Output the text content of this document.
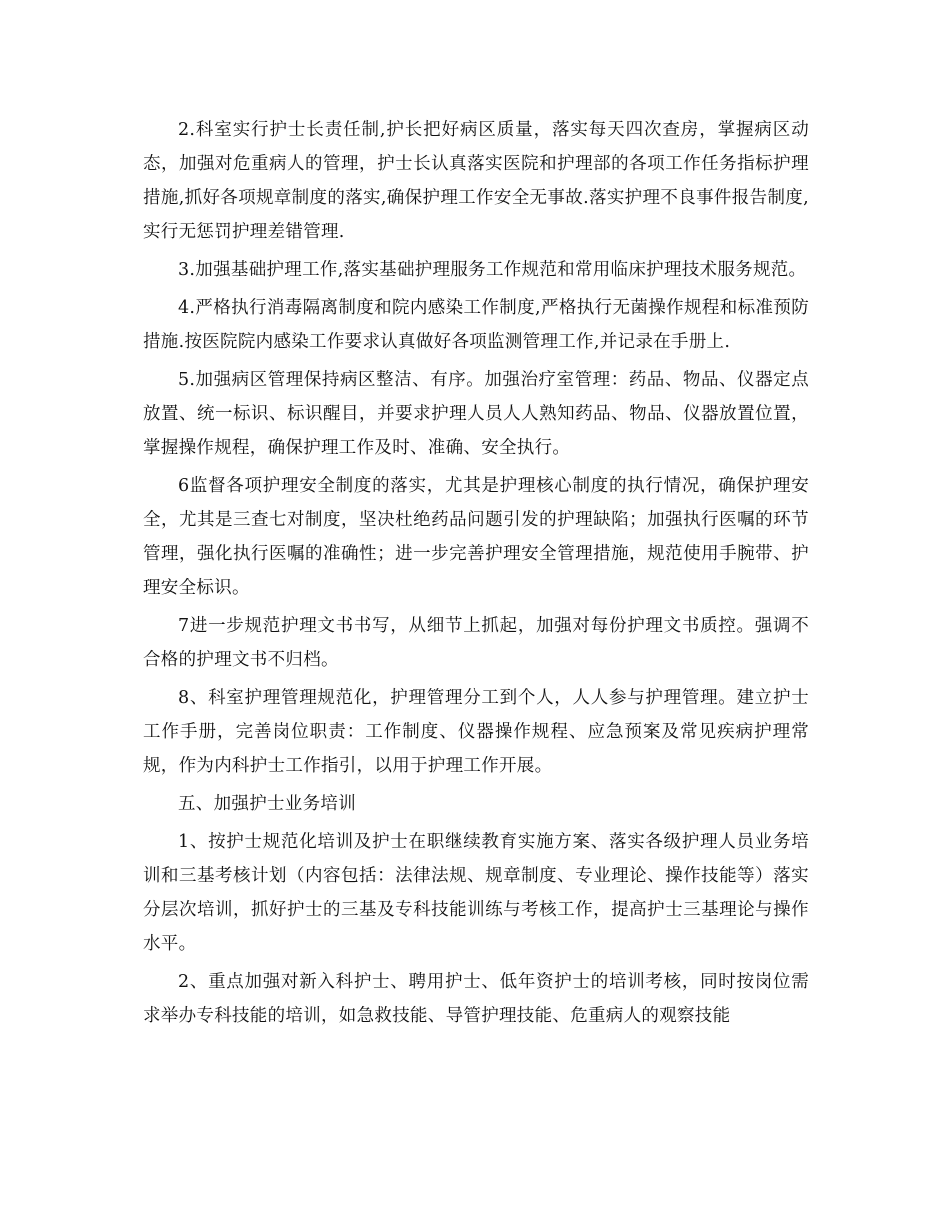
2.科室实行护士长责任制,护长把好病区质量，落实每天四次查房，掌握病区动态，加强对危重病人的管理，护士长认真落实医院和护理部的各项工作任务指标护理措施,抓好各项规章制度的落实,确保护理工作安全无事故.落实护理不良事件报告制度,实行无惩罚护理差错管理.

3.加强基础护理工作,落实基础护理服务工作规范和常用临床护理技术服务规范。

4.严格执行消毒隔离制度和院内感染工作制度,严格执行无菌操作规程和标准预防措施.按医院院内感染工作要求认真做好各项监测管理工作,并记录在手册上.

5.加强病区管理保持病区整洁、有序。加强治疗室管理：药品、物品、仪器定点放置、统一标识、标识醒目，并要求护理人员人人熟知药品、物品、仪器放置位置，掌握操作规程，确保护理工作及时、准确、安全执行。

6监督各项护理安全制度的落实，尤其是护理核心制度的执行情况，确保护理安全，尤其是三查七对制度，坚决杜绝药品问题引发的护理缺陷；加强执行医嘱的环节管理，强化执行医嘱的准确性；进一步完善护理安全管理措施，规范使用手腕带、护理安全标识。

7进一步规范护理文书书写，从细节上抓起，加强对每份护理文书质控。强调不合格的护理文书不归档。

8、科室护理管理规范化，护理管理分工到个人，人人参与护理管理。建立护士工作手册，完善岗位职责：工作制度、仪器操作规程、应急预案及常见疾病护理常规，作为内科护士工作指引，以用于护理工作开展。

五、加强护士业务培训

1、按护士规范化培训及护士在职继续教育实施方案、落实各级护理人员业务培训和三基考核计划（内容包括：法律法规、规章制度、专业理论、操作技能等）落实分层次培训，抓好护士的三基及专科技能训练与考核工作，提高护士三基理论与操作水平。

2、重点加强对新入科护士、聘用护士、低年资护士的培训考核，同时按岗位需求举办专科技能的培训，如急救技能、导管护理技能、危重病人的观察技能
